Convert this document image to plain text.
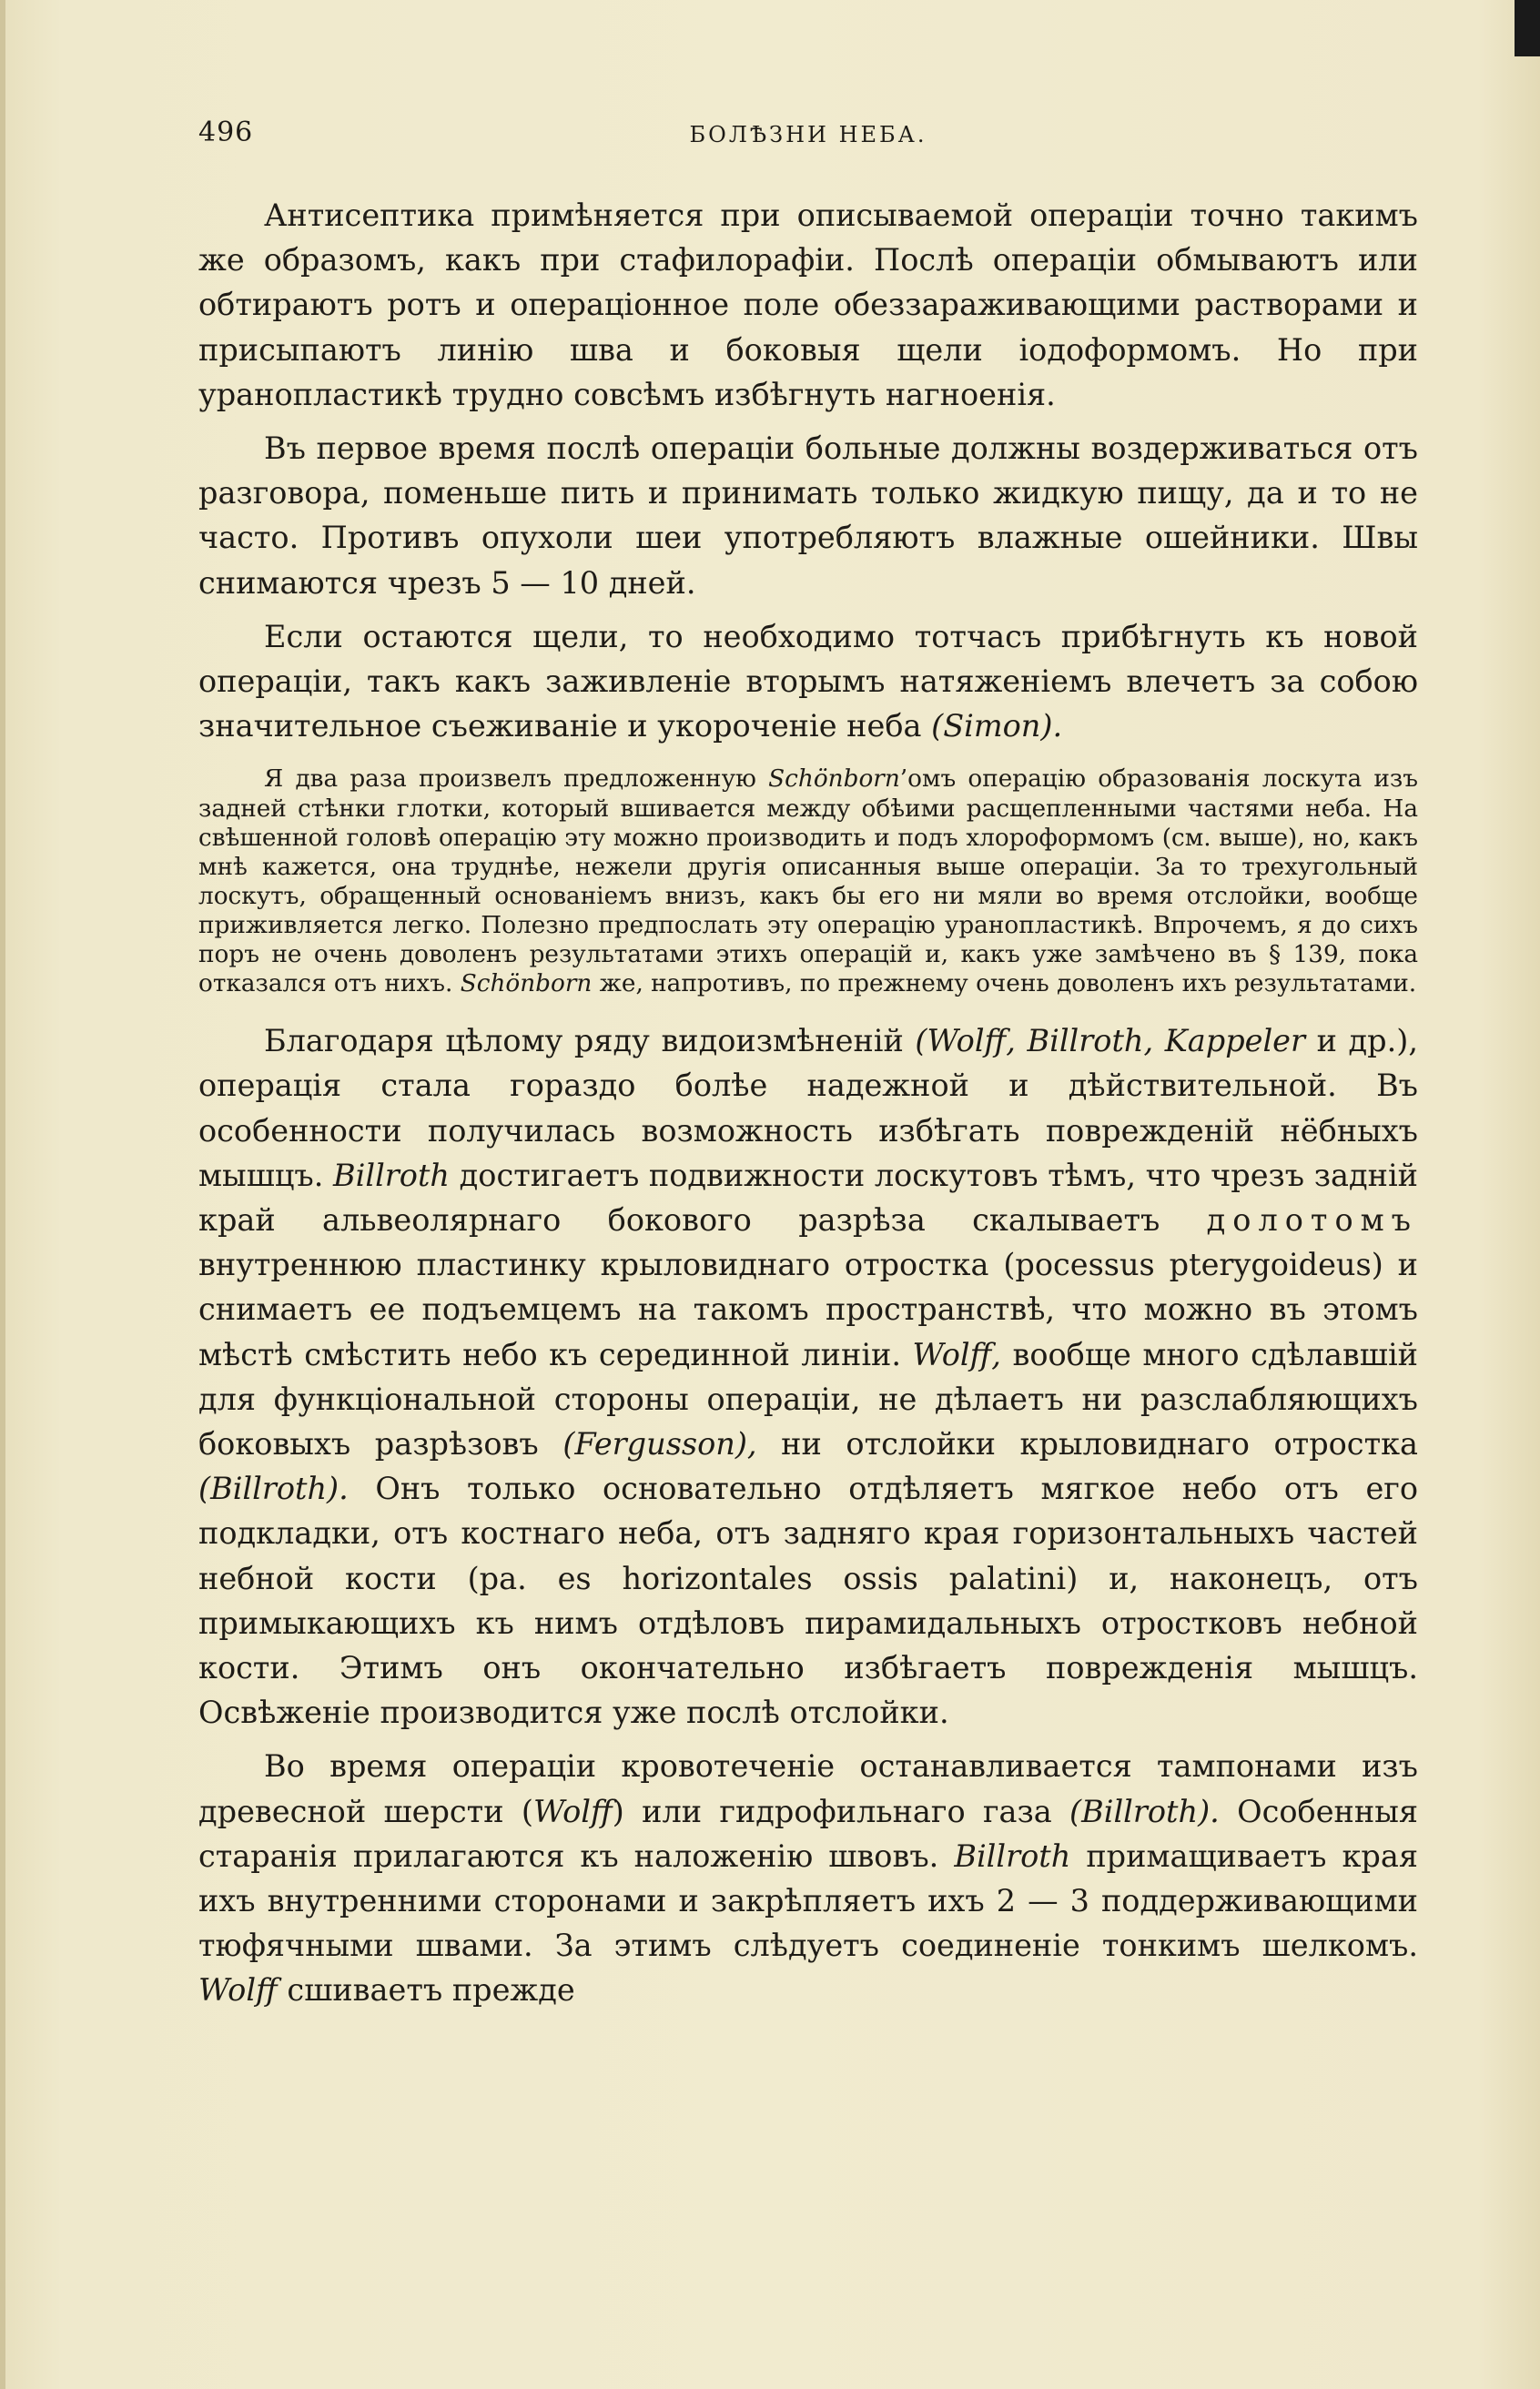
496	БОЛѢЗНИ НЕБА.

Антисептика примѣняется при описываемой операціи точно такимъ же образомъ, какъ при стафилорафіи. Послѣ операціи обмываютъ или обтираютъ ротъ и операціонное поле обеззараживающими растворами и присыпаютъ линію шва и боковыя щели іодоформомъ. Но при уранопластикѣ трудно совсѣмъ избѣгнуть нагноенія.

Въ первое время послѣ операціи больные должны воздерживаться отъ разговора, поменьше пить и принимать только жидкую пищу, да и то не часто. Противъ опухоли шеи употребляютъ влажные ошейники. Швы снимаются чрезъ 5 — 10 дней.

Если остаются щели, то необходимо тотчасъ прибѣгнуть къ новой операціи, такъ какъ заживленіе вторымъ натяженіемъ влечетъ за собою значительное съеживаніе и укороченіе неба (Simon).

Я два раза произвелъ предложенную Schönborn’омъ операцію образованія лоскута изъ задней стѣнки глотки, который вшивается между обѣими расщепленными частями неба. На свѣшенной головѣ операцію эту можно производить и подъ хлороформомъ (см. выше), но, какъ мнѣ кажется, она труднѣе, нежели другія описанныя выше операціи. За то трехугольный лоскутъ, обращенный основаніемъ внизъ, какъ бы его ни мяли во время отслойки, вообще приживляется легко. Полезно предпослать эту операцію уранопластикѣ. Впрочемъ, я до сихъ поръ не очень доволенъ результатами этихъ операцій и, какъ уже замѣчено въ § 139, пока отказался отъ нихъ. Schönborn же, напротивъ, по прежнему очень доволенъ ихъ результатами.

Благодаря цѣлому ряду видоизмѣненій (Wolff, Billroth, Kappeler и др.), операція стала гораздо болѣе надежной и дѣйствительной. Въ особенности получилась возможность избѣгать поврежденій нёбныхъ мышцъ. Billroth достигаетъ подвижности лоскутовъ тѣмъ, что чрезъ задній край альвеолярнаго бокового разрѣза скалываетъ долотомъ внутреннюю пластинку крыловиднаго отростка (pocessus pterygoideus) и снимаетъ ее подъемцемъ на такомъ пространствѣ, что можно въ этомъ мѣстѣ смѣстить небо къ серединной линіи. Wolff, вообще много сдѣлавшій для функціональной стороны операціи, не дѣлаетъ ни разслабляющихъ боковыхъ разрѣзовъ (Fergusson), ни отслойки крыловиднаго отростка (Billroth). Онъ только основательно отдѣляетъ мягкое небо отъ его подкладки, отъ костнаго неба, отъ задняго края горизонтальныхъ частей небной кости (pa. es horizontales ossis palatini) и, наконецъ, отъ примыкающихъ къ нимъ отдѣловъ пирамидальныхъ отростковъ небной кости. Этимъ онъ окончательно избѣгаетъ поврежденія мышцъ. Освѣженіе производится уже послѣ отслойки.

Во время операціи кровотеченіе останавливается тампонами изъ древесной шерсти (Wolff) или гидрофильнаго газа (Billroth). Особенныя старанія прилагаются къ наложенію швовъ. Billroth примащиваетъ края ихъ внутренними сторонами и закрѣпляетъ ихъ 2 — 3 поддерживающими тюфячными швами. За этимъ слѣдуетъ соединеніе тонкимъ шелкомъ. Wolff сшиваетъ прежде
